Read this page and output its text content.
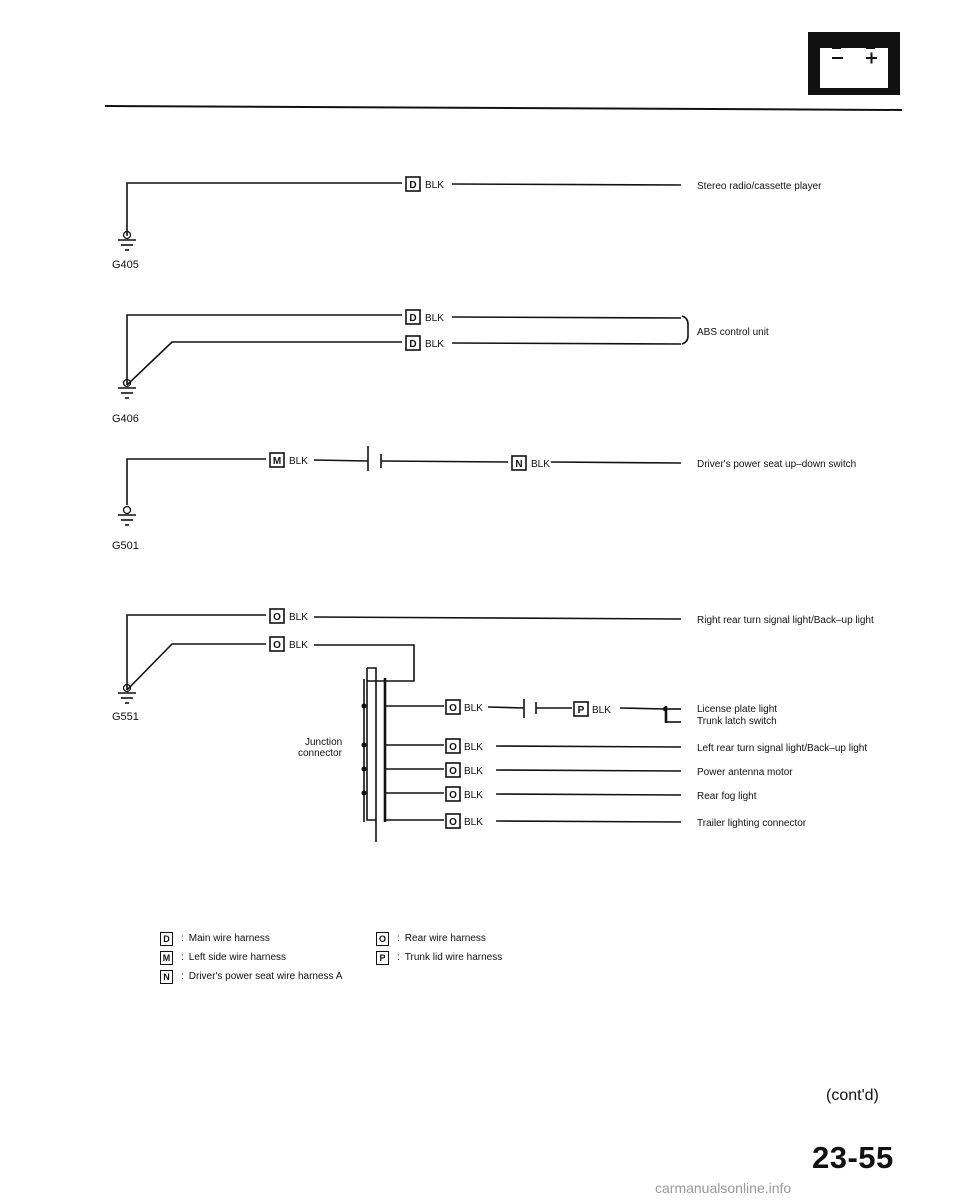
D BLK	Stereo radio/cassette player
G405
D BLK
D BLK
ABS control unit
G406
M BLK	N BLK	Driver's power seat up–down switch
G501
O BLK
O BLK
Right rear turn signal light/Back–up light
G551
Junction
connector
O BLK
O BLK
O BLK
O BLK
O BLK
P BLK	License plate light
Trunk latch switch
Left rear turn signal light/Back–up light
Power antenna motor
Rear fog light
Trailer lighting connector
D	: Main wire harness
M : Left side wire harness
N	: Driver's power seat wire harness A
O	: Rear wire harness
P	: Trunk lid wire harness
(cont'd)
23-55
carmanualsonline.info
